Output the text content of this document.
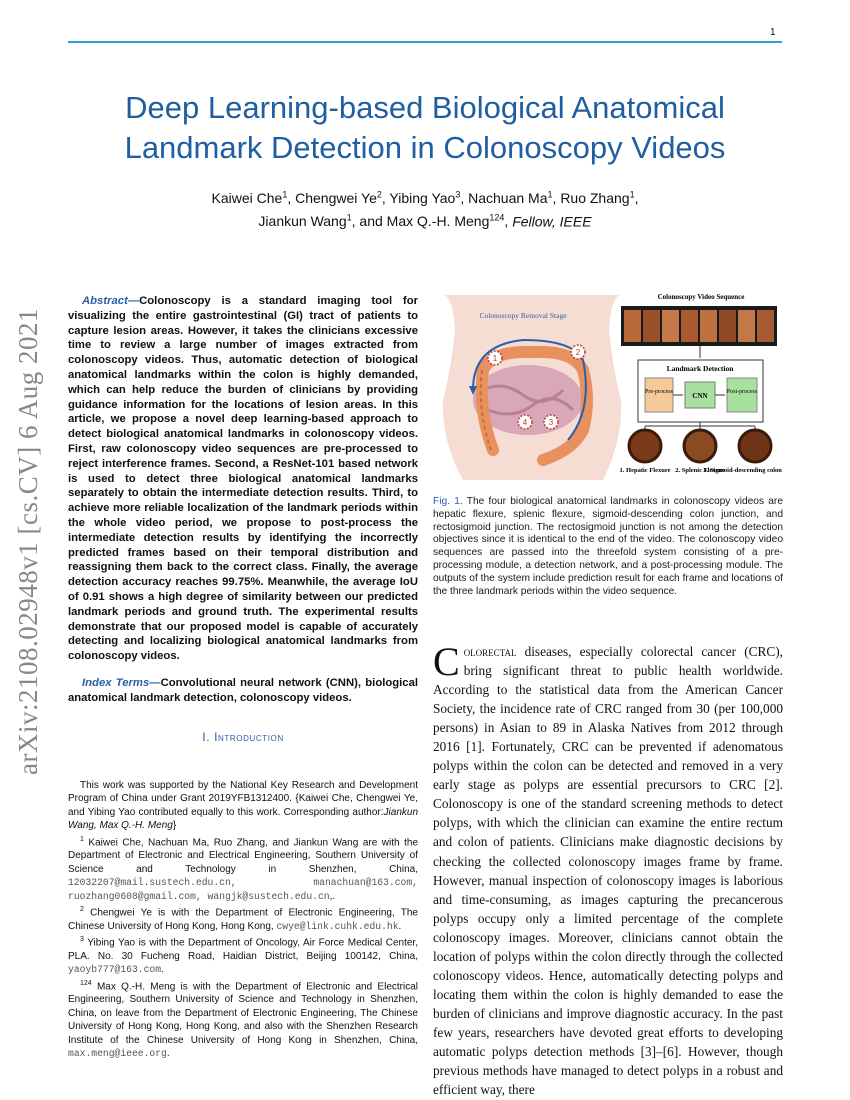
1
Deep Learning-based Biological Anatomical Landmark Detection in Colonoscopy Videos
Kaiwei Che$^1$, Chengwei Ye$^2$, Yibing Yao$^3$, Nachuan Ma$^1$, Ruo Zhang$^1$,
Jiankun Wang$^1$, and Max Q.-H. Meng$^{124}$, Fellow, IEEE
arXiv:2108.02948v1 [cs.CV] 6 Aug 2021

Abstract—Colonoscopy is a standard imaging tool for visualizing the entire gastrointestinal (GI) tract of patients to capture lesion areas. However, it takes the clinicians excessive time to review a large number of images extracted from colonoscopy videos. Thus, automatic detection of biological anatomical landmarks within the colon is highly demanded, which can help reduce the burden of clinicians by providing guidance information for the locations of lesion areas. In this article, we propose a novel deep learning-based approach to detect biological anatomical landmarks in colonoscopy videos. First, raw colonoscopy video sequences are pre-processed to reject interference frames. Second, a ResNet-101 based network is used to detect three biological anatomical landmarks separately to obtain the intermediate detection results. Third, to achieve more reliable localization of the landmark periods within the whole video period, we propose to post-process the intermediate detection results by identifying the incorrectly predicted frames based on their temporal distribution and reassigning them back to the correct class. Finally, the average detection accuracy reaches 99.75%. Meanwhile, the average IoU of 0.91 shows a high degree of similarity between our predicted landmark periods and ground truth. The experimental results demonstrate that our proposed model is capable of accurately detecting and localizing biological anatomical landmarks from colonoscopy videos.

Index Terms—Convolutional neural network (CNN), biological anatomical landmark detection, colonoscopy videos.

I. Introduction

This work was supported by the National Key Research and Development Program of China under Grant 2019YFB1312400. {Kaiwei Che, Chengwei Ye, and Yibing Yao contributed equally to this work. Corresponding author:Jiankun Wang, Max Q.-H. Meng}

$^1$ Kaiwei Che, Nachuan Ma, Ruo Zhang, and Jiankun Wang are with the Department of Electronic and Electrical Engineering, Southern University of Science and Technology in Shenzhen, China, 12032207@mail.sustech.edu.cn, manachuan@163.com, ruozhang0608@gmail.com, wangjk@sustech.edu.cn,.

$^2$ Chengwei Ye is with the Department of Electronic Engineering, The Chinese University of Hong Kong, Hong Kong, cwye@link.cuhk.edu.hk.

$^3$ Yibing Yao is with the Department of Oncology, Air Force Medical Center, PLA. No. 30 Fucheng Road, Haidian District, Beijing 100142, China, yaoyb777@163.com.

$^{124}$ Max Q.-H. Meng is with the Department of Electronic and Electrical Engineering, Southern University of Science and Technology in Shenzhen, China, on leave from the Department of Electronic Engineering, The Chinese University of Hong Kong, Hong Kong, and also with the Shenzhen Research Institute of the Chinese University of Hong Kong in Shenzhen, China, max.meng@ieee.org.

Colonoscopy Removal Stage
1
2
3
4
Colonoscopy Video Sequence
Landmark Detection
Pre-process	CNN	Post-process
1. Hepatic Flexure 2. Splenic Flexure
3. Sigmoid-descending colon
Fig. 1. The four biological anatomical landmarks in colonoscopy videos are hepatic flexure, splenic flexure, sigmoid-descending colon junction, and rectosigmoid junction. The rectosigmoid junction is not among the detection objectives since it is identical to the end of the video. The colonoscopy video sequences are passed into the threefold system consisting of a pre-processing module, a detection network, and a post-processing module. The outputs of the system include prediction result for each frame and locations of the three landmark periods within the video sequence.
Colorectal diseases, especially colorectal cancer (CRC), bring significant threat to public health worldwide. According to the statistical data from the American Cancer Society, the incidence rate of CRC ranged from 30 (per 100,000 persons) in Asian to 89 in Alaska Natives from 2012 through 2016 [1]. Fortunately, CRC can be prevented if adenomatous polyps within the colon can be detected and removed in a very early stage as polyps are essential precursors to CRC [2]. Colonoscopy is one of the standard screening methods to detect polyps, with which the clinician can examine the entire rectum and colon of patients. Clinicians make diagnostic decisions by checking the collected colonoscopy images frame by frame. However, manual inspection of colonoscopy images is laborious and time-consuming, as images capturing the precancerous polyps occupy only a limited percentage of the complete colonoscopy images. Moreover, clinicians cannot obtain the location of polyps within the colon directly through the collected colonoscopy videos. Hence, automatically detecting polyps and locating them within the colon is highly demanded to ease the burden of clinicians and improve diagnostic accuracy. In the past few years, researchers have devoted great efforts to developing automatic polyps detection methods [3]–[6]. However, though previous methods have managed to detect polyps in a robust and efficient way, there
